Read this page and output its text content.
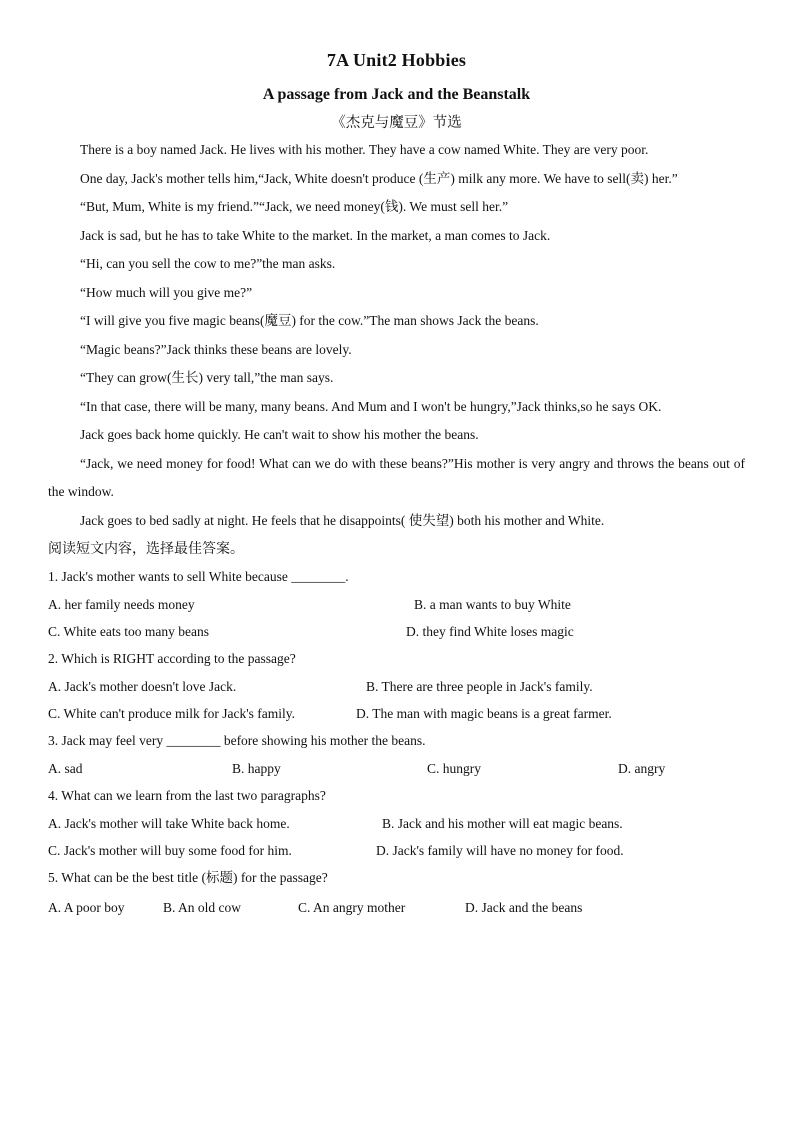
7A Unit2 Hobbies
A passage from Jack and the Beanstalk
《杰克与魔豆》节选

There is a boy named Jack. He lives with his mother. They have a cow named White. They are very poor.

One day, Jack's mother tells him,“Jack, White doesn't produce (生产) milk any more. We have to sell(卖) her.”

“But, Mum, White is my friend.”“Jack, we need money(钱). We must sell her.”

Jack is sad, but he has to take White to the market. In the market, a man comes to Jack.

“Hi, can you sell the cow to me?”the man asks.

“How much will you give me?”

“I will give you five magic beans(魔豆) for the cow.”The man shows Jack the beans.

“Magic beans?”Jack thinks these beans are lovely.

“They can grow(生长) very tall,”the man says.

“In that case, there will be many, many beans. And Mum and I won't be hungry,”Jack thinks,so he says OK.

Jack goes back home quickly. He can't wait to show his mother the beans.

“Jack, we need money for food! What can we do with these beans?”His mother is very angry and throws the beans out of the window.

Jack goes to bed sadly at night. He feels that he disappoints( 使失望) both his mother and White.

阅读短文内容，选择最佳答案。

1. Jack's mother wants to sell White because ________.

A. her family needs money	B. a man wants to buy White
C. White eats too many beans	D. they find White loses magic

2. Which is RIGHT according to the passage?

A. Jack's mother doesn't love Jack.	B. There are three people in Jack's family.
C. White can't produce milk for Jack's family.	D. The man with magic beans is a great farmer.

3. Jack may feel very ________ before showing his mother the beans.

A. sad	B. happy	C. hungry	D. angry

4. What can we learn from the last two paragraphs?

A. Jack's mother will take White back home.	B. Jack and his mother will eat magic beans.
C. Jack's mother will buy some food for him.	D. Jack's family will have no money for food.

5. What can be the best title (标题) for the passage?

A. A poor boy	B. An old cow	C. An angry mother	D. Jack and the beans
